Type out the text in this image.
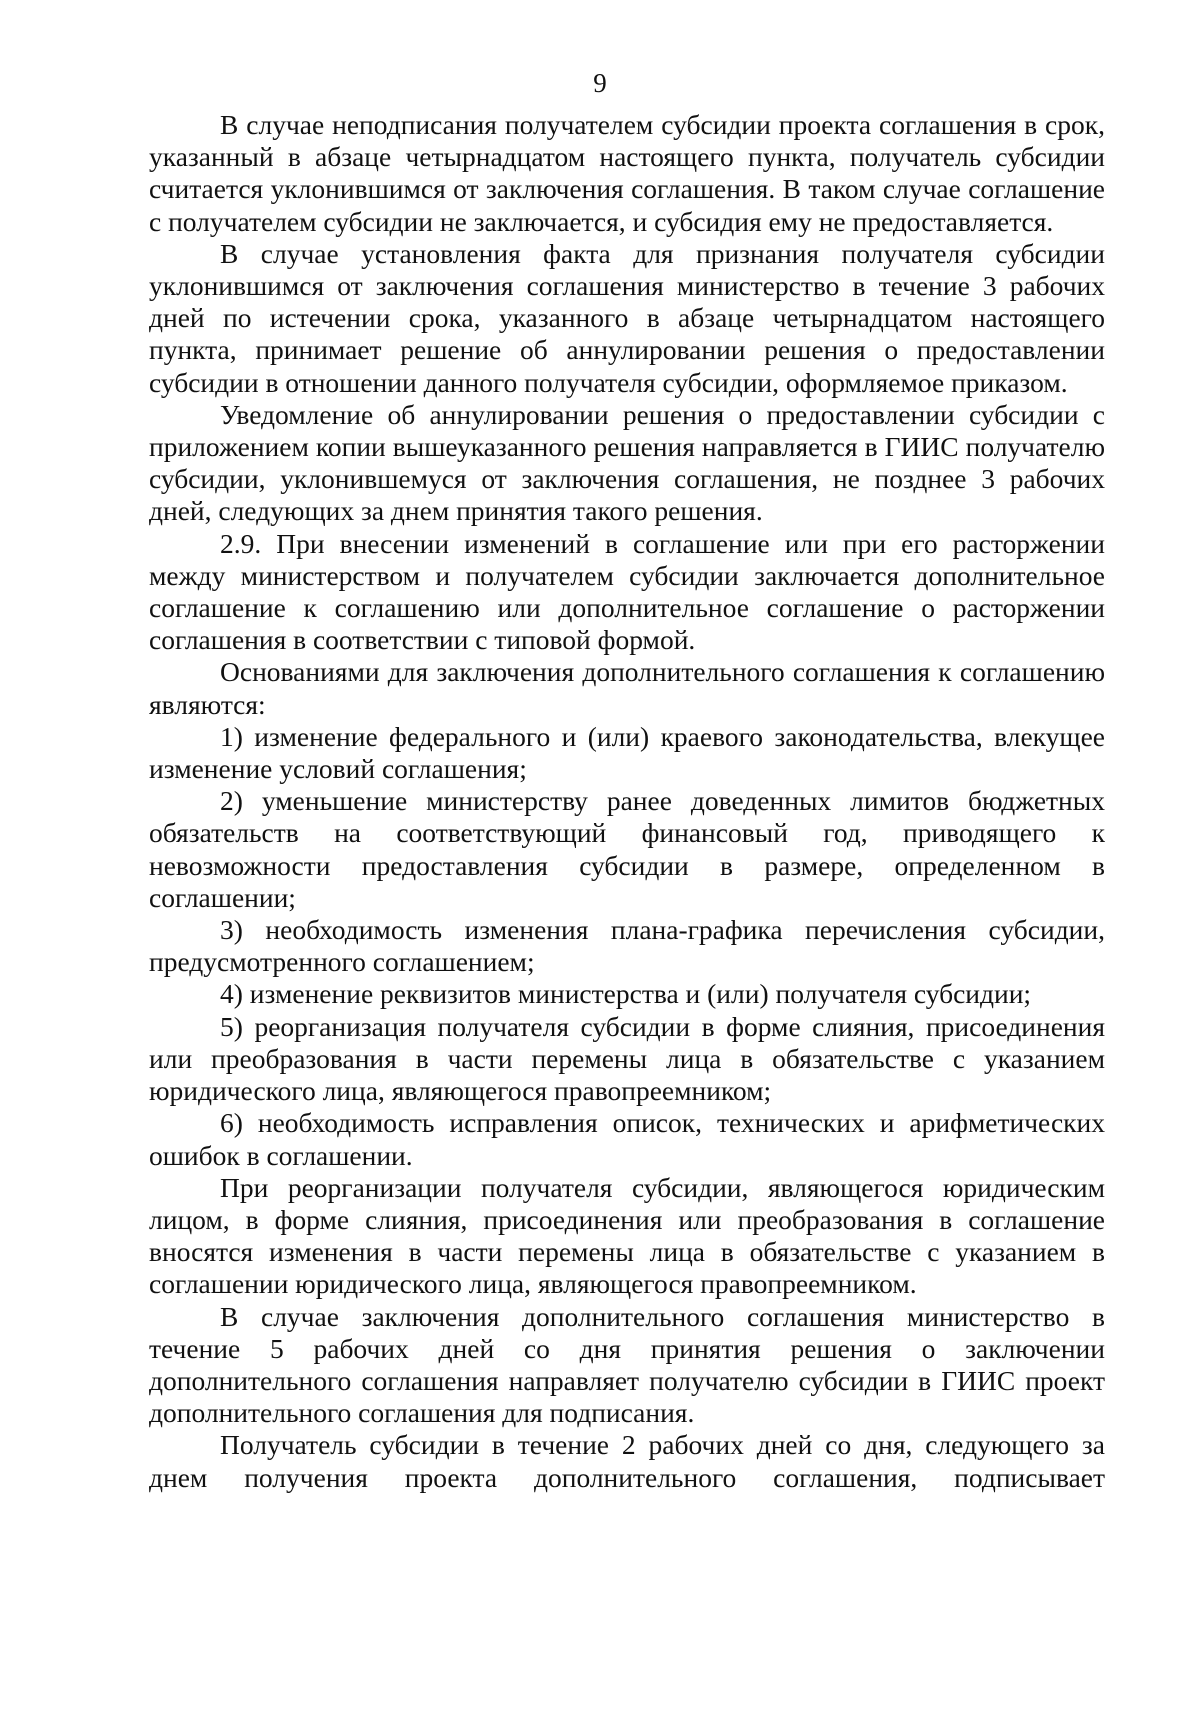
9

В случае неподписания получателем субсидии проекта соглашения в срок, указанный в абзаце четырнадцатом настоящего пункта, получатель субсидии считается уклонившимся от заключения соглашения. В таком случае соглашение с получателем субсидии не заключается, и субсидия ему не предоставляется.

В случае установления факта для признания получателя субсидии уклонившимся от заключения соглашения министерство в течение 3 рабочих дней по истечении срока, указанного в абзаце четырнадцатом настоящего пункта, принимает решение об аннулировании решения о предоставлении субсидии в отношении данного получателя субсидии, оформляемое приказом.

Уведомление об аннулировании решения о предоставлении субсидии с приложением копии вышеуказанного решения направляется в ГИИС получателю субсидии, уклонившемуся от заключения соглашения, не позднее 3 рабочих дней, следующих за днем принятия такого решения.

2.9. При внесении изменений в соглашение или при его расторжении между министерством и получателем субсидии заключается дополнительное соглашение к соглашению или дополнительное соглашение о расторжении соглашения в соответствии с типовой формой.

Основаниями для заключения дополнительного соглашения к соглашению являются:

1) изменение федерального и (или) краевого законодательства, влекущее изменение условий соглашения;

2) уменьшение министерству ранее доведенных лимитов бюджетных обязательств на соответствующий финансовый год, приводящего к невозможности предоставления субсидии в размере, определенном в соглашении;

3) необходимость изменения плана-графика перечисления субсидии, предусмотренного соглашением;

4) изменение реквизитов министерства и (или) получателя субсидии;

5) реорганизация получателя субсидии в форме слияния, присоединения или преобразования в части перемены лица в обязательстве с указанием юридического лица, являющегося правопреемником;

6) необходимость исправления описок, технических и арифметических ошибок в соглашении.

При реорганизации получателя субсидии, являющегося юридическим лицом, в форме слияния, присоединения или преобразования в соглашение вносятся изменения в части перемены лица в обязательстве с указанием в соглашении юридического лица, являющегося правопреемником.

В случае заключения дополнительного соглашения министерство в течение 5 рабочих дней со дня принятия решения о заключении дополнительного соглашения направляет получателю субсидии в ГИИС проект дополнительного соглашения для подписания.

Получатель субсидии в течение 2 рабочих дней со дня, следующего за днем получения проекта дополнительного соглашения, подписывает
